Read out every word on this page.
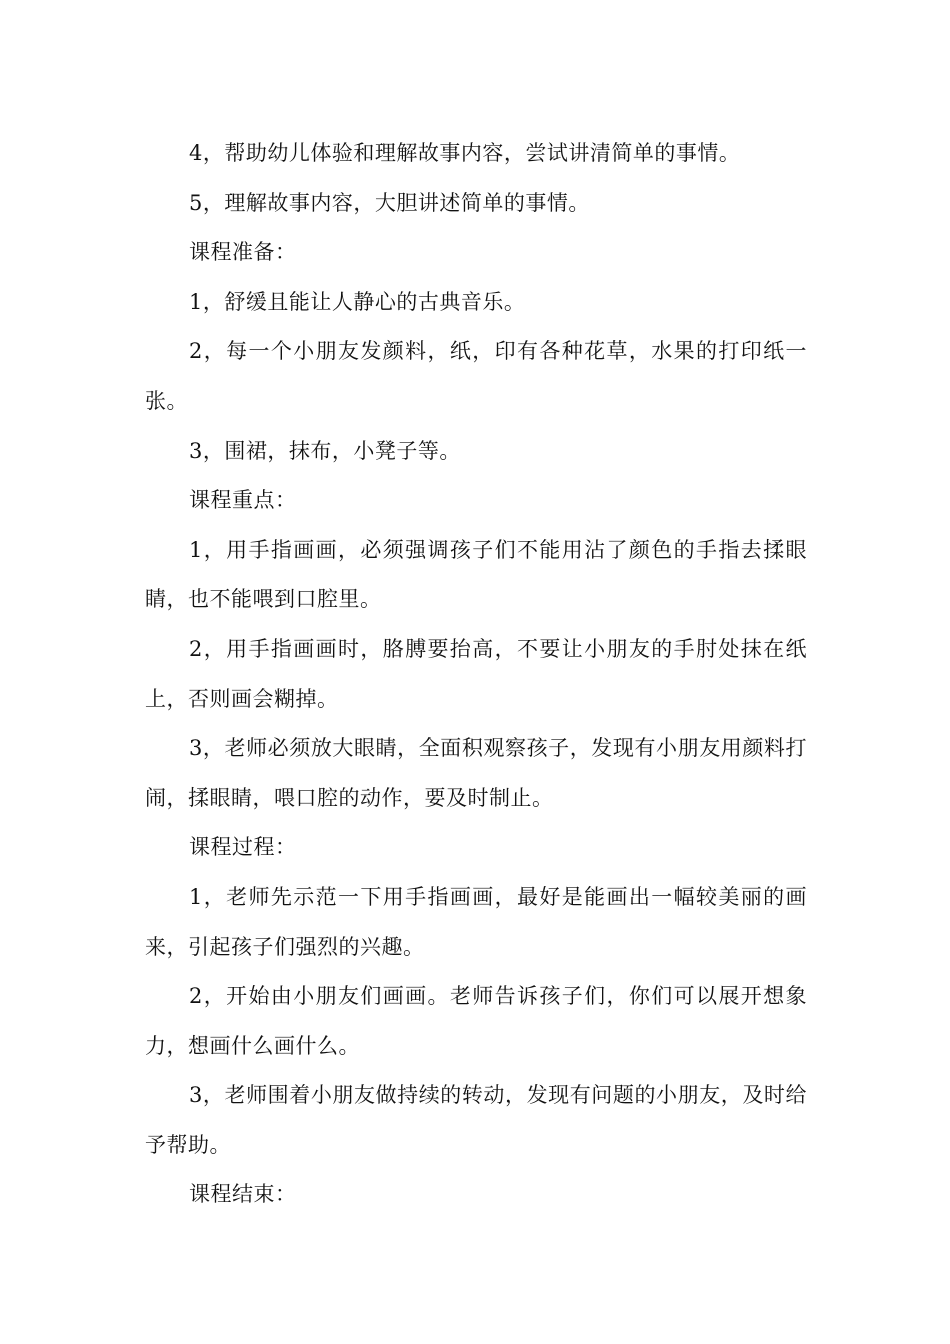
4，帮助幼儿体验和理解故事内容，尝试讲清简单的事情。

5，理解故事内容，大胆讲述简单的事情。

课程准备：

1，舒缓且能让人静心的古典音乐。

2，每一个小朋友发颜料，纸，印有各种花草，水果的打印纸一张。

3，围裙，抹布，小凳子等。

课程重点：

1，用手指画画，必须强调孩子们不能用沾了颜色的手指去揉眼睛，也不能喂到口腔里。

2，用手指画画时，胳膊要抬高，不要让小朋友的手肘处抹在纸上，否则画会糊掉。

3，老师必须放大眼睛，全面积观察孩子，发现有小朋友用颜料打闹，揉眼睛，喂口腔的动作，要及时制止。

课程过程：

1，老师先示范一下用手指画画，最好是能画出一幅较美丽的画来，引起孩子们强烈的兴趣。

2，开始由小朋友们画画。老师告诉孩子们，你们可以展开想象力，想画什么画什么。

3，老师围着小朋友做持续的转动，发现有问题的小朋友，及时给予帮助。

课程结束：
